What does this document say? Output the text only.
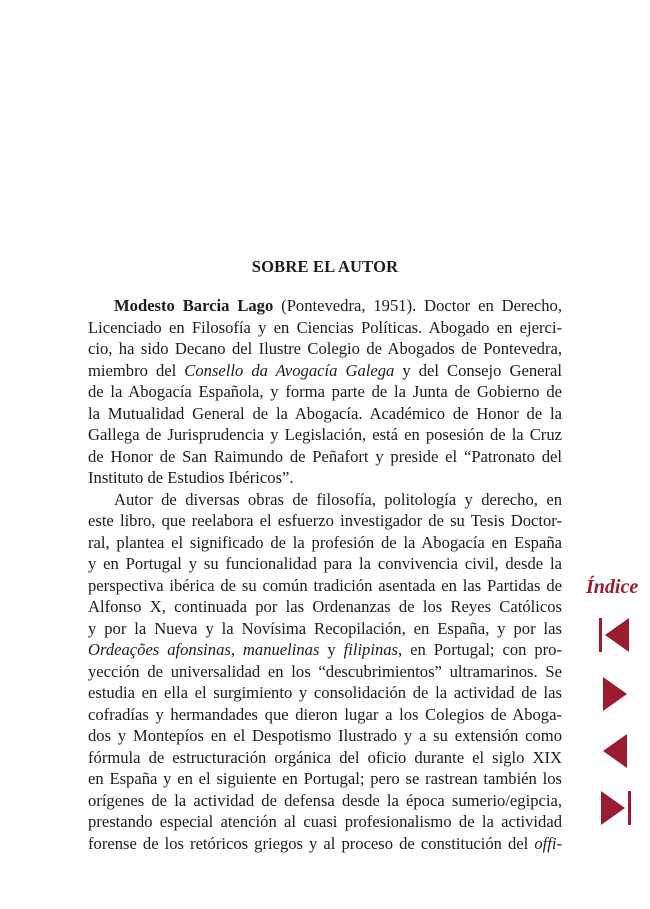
SOBRE EL AUTOR
Modesto Barcia Lago (Pontevedra, 1951). Doctor en Derecho,
Licenciado en Filosofía y en Ciencias Políticas. Abogado en ejerci-
cio, ha sido Decano del Ilustre Colegio de Abogados de Pontevedra,
miembro del Consello da Avogacía Galega y del Consejo General
de la Abogacía Española, y forma parte de la Junta de Gobierno de
la Mutualidad General de la Abogacía. Académico de Honor de la
Gallega de Jurisprudencia y Legislación, está en posesión de la Cruz
de Honor de San Raimundo de Peñafort y preside el “Patronato del
Instituto de Estudios Ibéricos”.
Autor de diversas obras de filosofía, politología y derecho, en
este libro, que reelabora el esfuerzo investigador de su Tesis Doctor-
ral, plantea el significado de la profesión de la Abogacía en España
y en Portugal y su funcionalidad para la convivencia civil, desde la
perspectiva ibérica de su común tradición asentada en las Partidas de
Alfonso X, continuada por las Ordenanzas de los Reyes Católicos
y por la Nueva y la Novísima Recopilación, en España, y por las
Ordeações afonsinas, manuelinas y filipinas, en Portugal; con pro-
yección de universalidad en los “descubrimientos” ultramarinos. Se
estudia en ella el surgimiento y consolidación de la actividad de las
cofradías y hermandades que dieron lugar a los Colegios de Aboga-
dos y Montepíos en el Despotismo Ilustrado y a su extensión como
fórmula de estructuración orgánica del oficio durante el siglo XIX
en España y en el siguiente en Portugal; pero se rastrean también los
orígenes de la actividad de defensa desde la época sumerio/egipcia,
prestando especial atención al cuasi profesionalismo de la actividad
forense de los retóricos griegos y al proceso de constitución del offi-
Índice
